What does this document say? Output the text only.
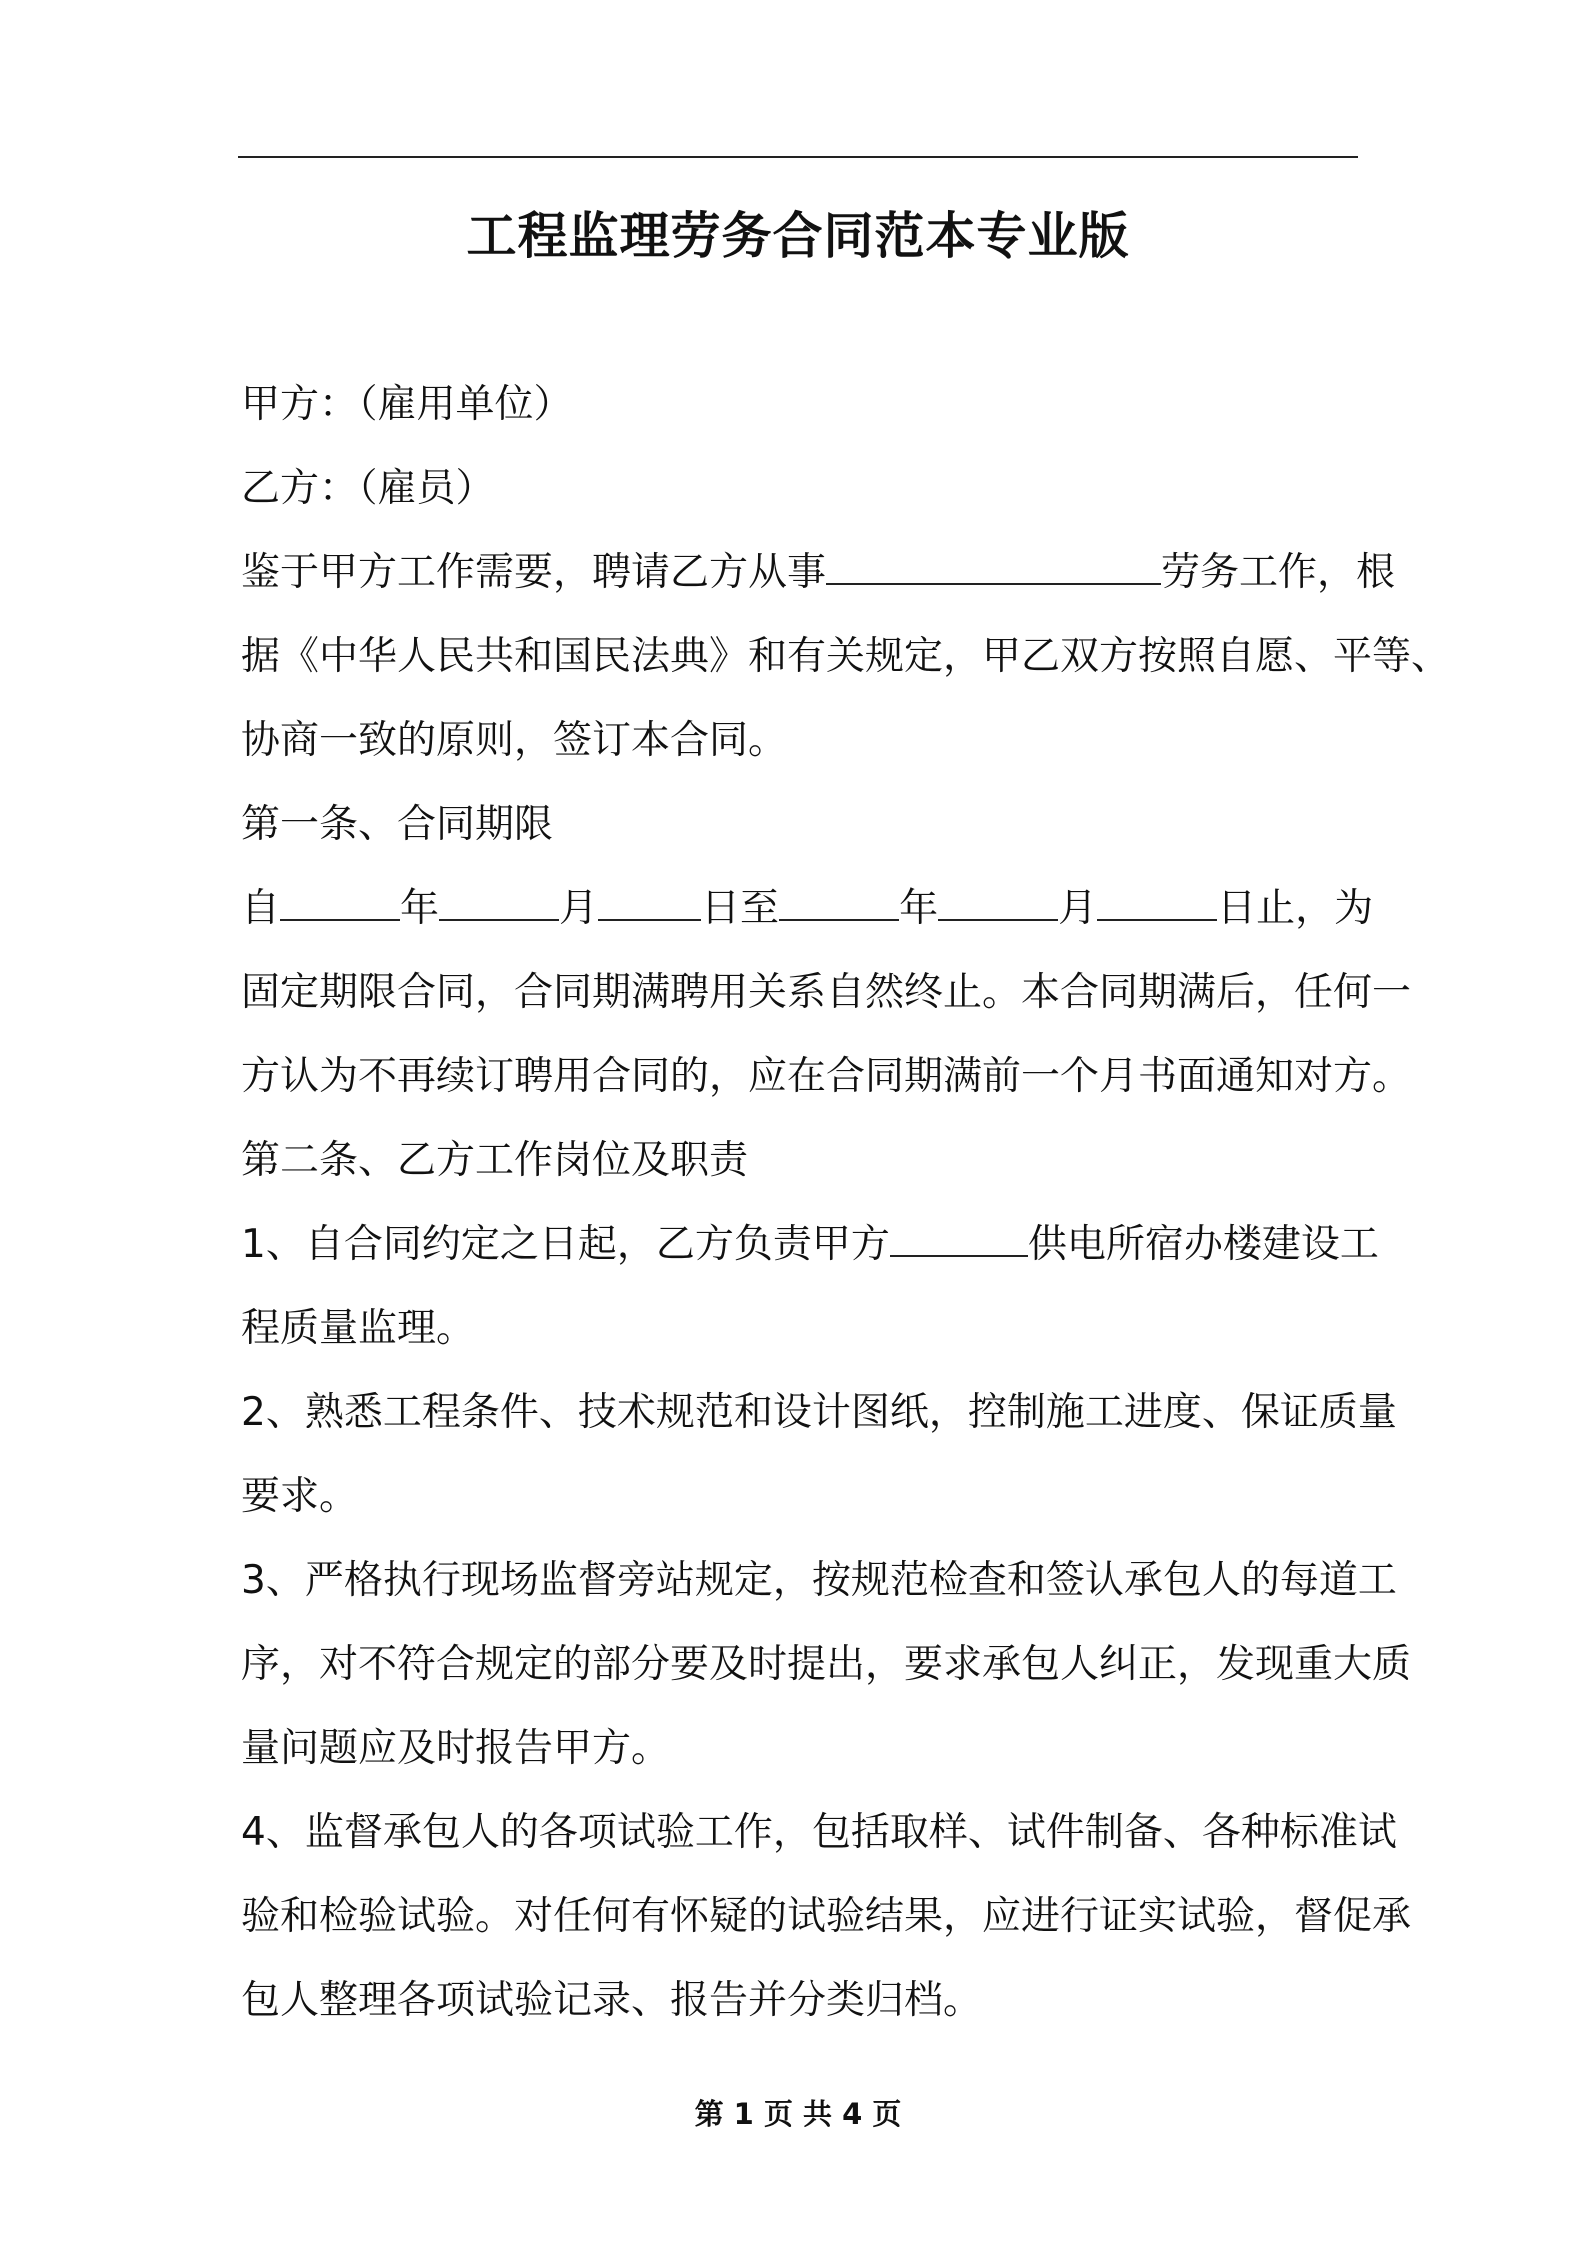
工程监理劳务合同范本专业版
甲方：（雇用单位）
乙方：（雇员）
鉴于甲方工作需要，聘请乙方从事	劳务工作，根
据《中华人民共和国民法典》和有关规定，甲乙双方按照自愿、平等、
协商一致的原则，签订本合同。
第一条、合同期限
自	年	月	日至	年	月	日止，为
固定期限合同，合同期满聘用关系自然终止。本合同期满后，任何一
方认为不再续订聘用合同的，应在合同期满前一个月书面通知对方。
第二条、乙方工作岗位及职责
1、自合同约定之日起，乙方负责甲方	供电所宿办楼建设工
程质量监理。
2、熟悉工程条件、技术规范和设计图纸，控制施工进度、保证质量
要求。
3、严格执行现场监督旁站规定，按规范检查和签认承包人的每道工
序，对不符合规定的部分要及时提出，要求承包人纠正，发现重大质
量问题应及时报告甲方。
4、监督承包人的各项试验工作，包括取样、试件制备、各种标准试
验和检验试验。对任何有怀疑的试验结果，应进行证实试验，督促承
包人整理各项试验记录、报告并分类归档。
第 1 页 共 4 页
